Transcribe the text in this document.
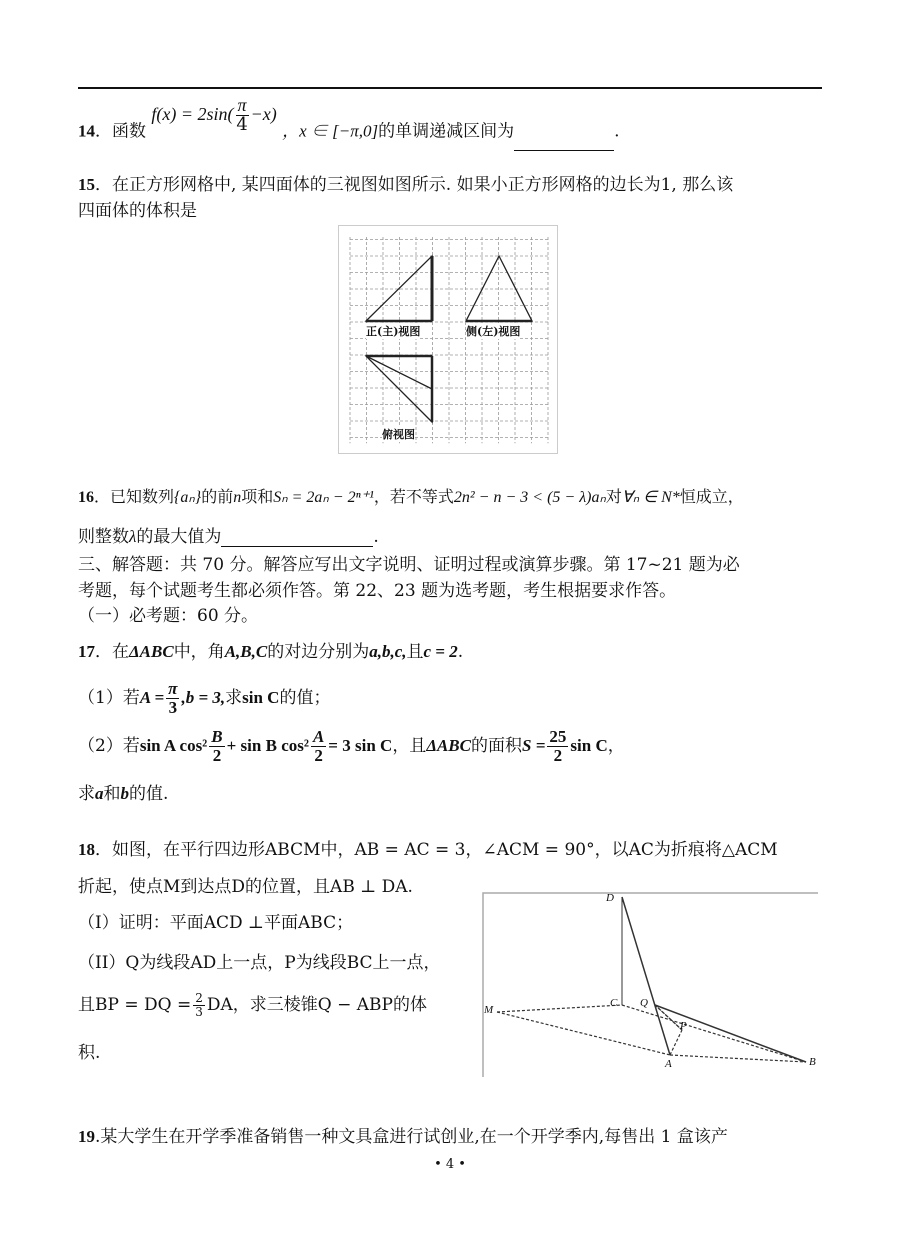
14．函数 $f(x) = 2\sin( \frac{\pi}{4} -x)$ ，x ∈ [−π,0]的单调递减区间为	.
15．在正方形网格中, 某四面体的三视图如图所示. 如果小正方形网格的边长为1, 那么该
四面体的体积是
正(主)视图	侧(左)视图
俯视图
16．已知数列{aₙ}的前n项和Sₙ = 2aₙ − 2ⁿ⁺¹，若不等式2n² − n − 3 < (5 − λ)aₙ对∀ₙ ∈ N*恒成立，
则整数λ的最大值为	.
三、解答题：共 70 分。解答应写出文字说明、证明过程或演算步骤。第 17~21 题为必
考题，每个试题考生都必须作答。第 22、23 题为选考题，考生根据要求作答。
（一）必考题：60 分。
17．在ΔABC中，角A,B,C的对边分别为a,b,c,且c = 2.
（1）若$A = \frac{\pi}{3} ,b = 3$,求sin C的值；
（2）若sin A $\cos^2 \frac{B}{2} + \sin B$ $\cos^2 \frac{A}{2} = 3$ sin C，且ΔABC的面积$S = \frac{25}{2}$ sin C，
求a和b的值.
18．如图，在平行四边形ABCM中，AB = AC = 3，∠ACM = 90°，以AC为折痕将△ACM
折起，使点M到达点D的位置，且AB ⊥ DA.
（I）证明：平面ACD ⊥平面ABC；
（II）Q为线段AD上一点，P为线段BC上一点，
且BP = DQ = $\frac{2}{3}$ DA，求三棱锥Q − ABP的体
积.
D
C Q
M
P
A	B
19.某大学生在开学季准备销售一种文具盒进行试创业,在一个开学季内,每售出 1 盒该产
• 4 •
